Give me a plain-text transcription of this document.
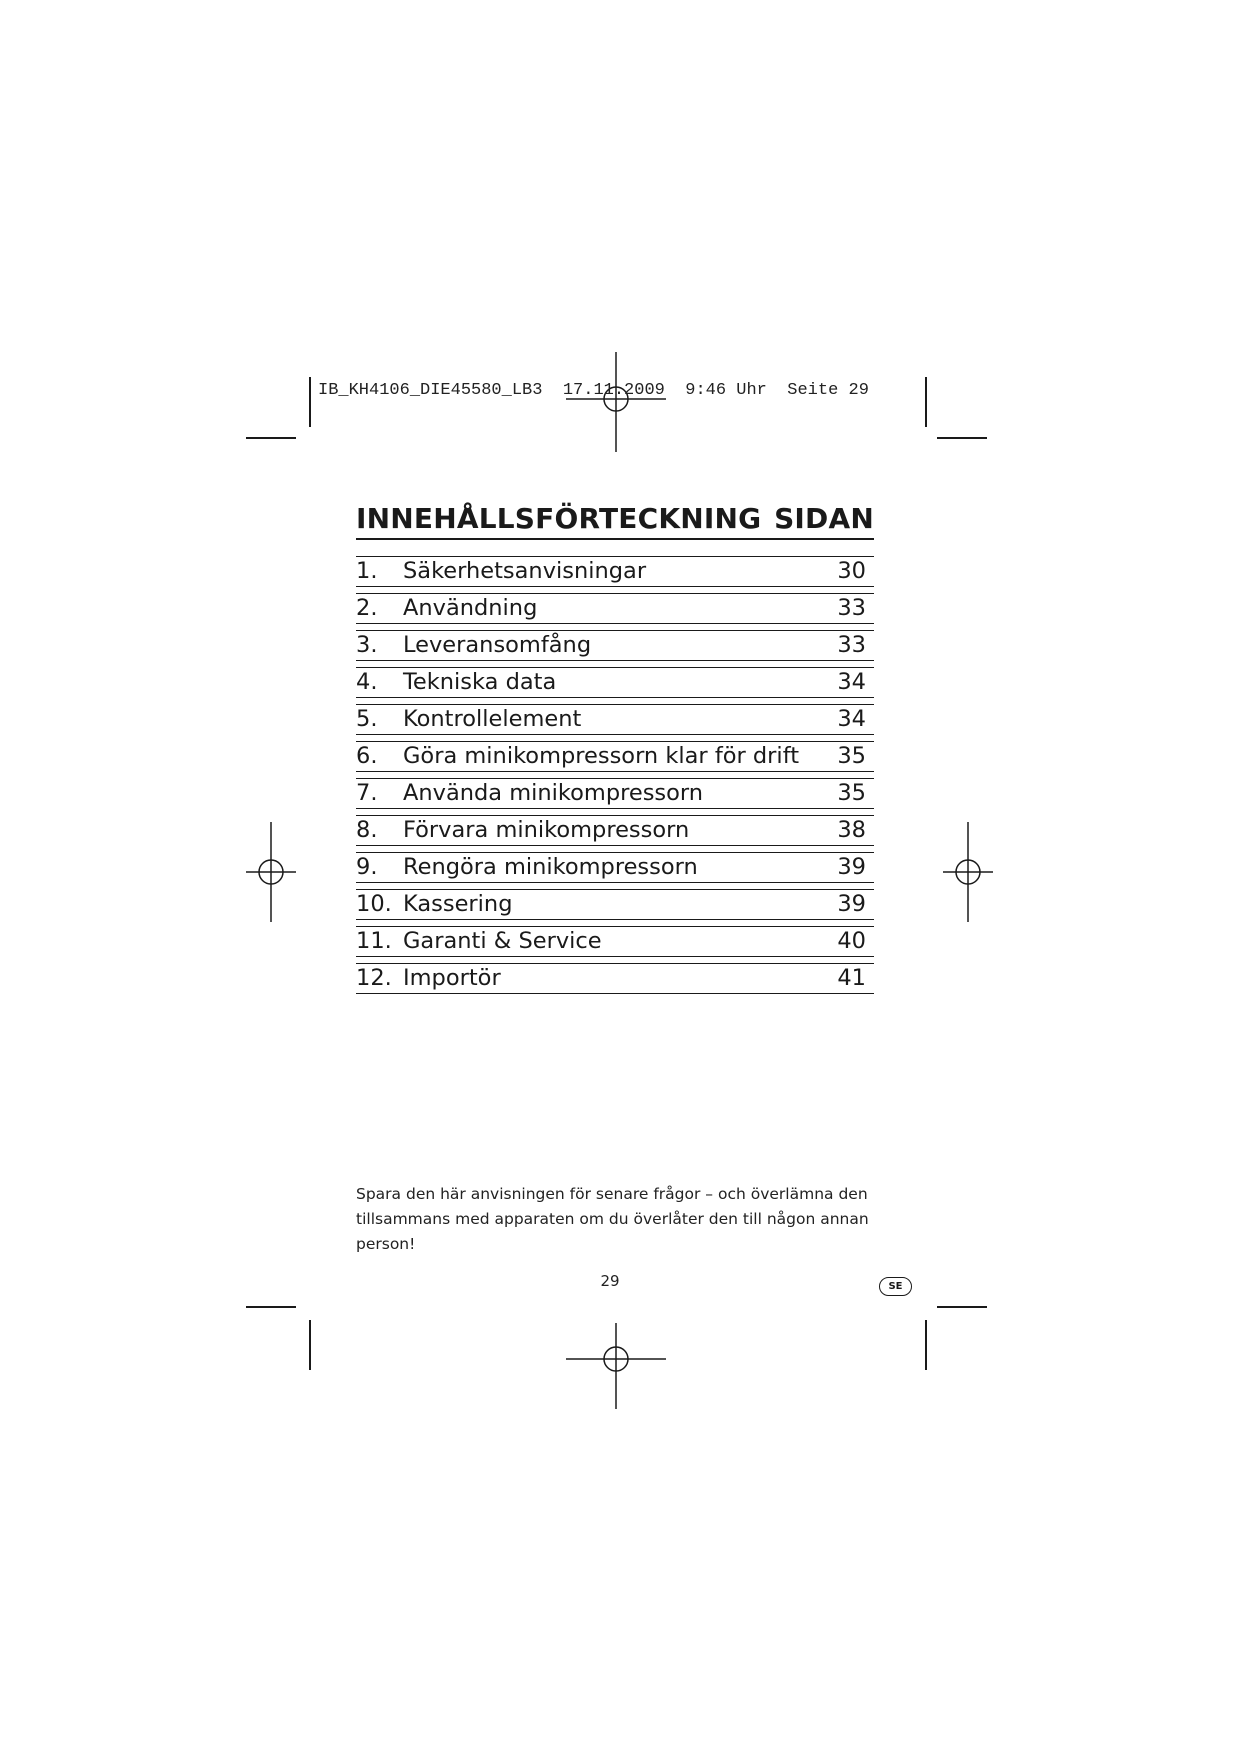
IB_KH4106_DIE45580_LB3  17.11.2009  9:46 Uhr  Seite 29
INNEHÅLLSFÖRTECKNING SIDAN
1.	Säkerhetsanvisningar	30
2.	Användning	33
3.	Leveransomfång	33
4.	Tekniska data	34
5.	Kontrollelement	34
6.	Göra minikompressorn klar för drift	35
7.	Använda minikompressorn	35
8.	Förvara minikompressorn	38
9.	Rengöra minikompressorn	39
10. Kassering	39
11. Garanti & Service	40
12. Importör	41
Spara den här anvisningen för senare frågor – och överlämna den tillsammans med apparaten om du överlåter den till någon annan person!
29	SE
